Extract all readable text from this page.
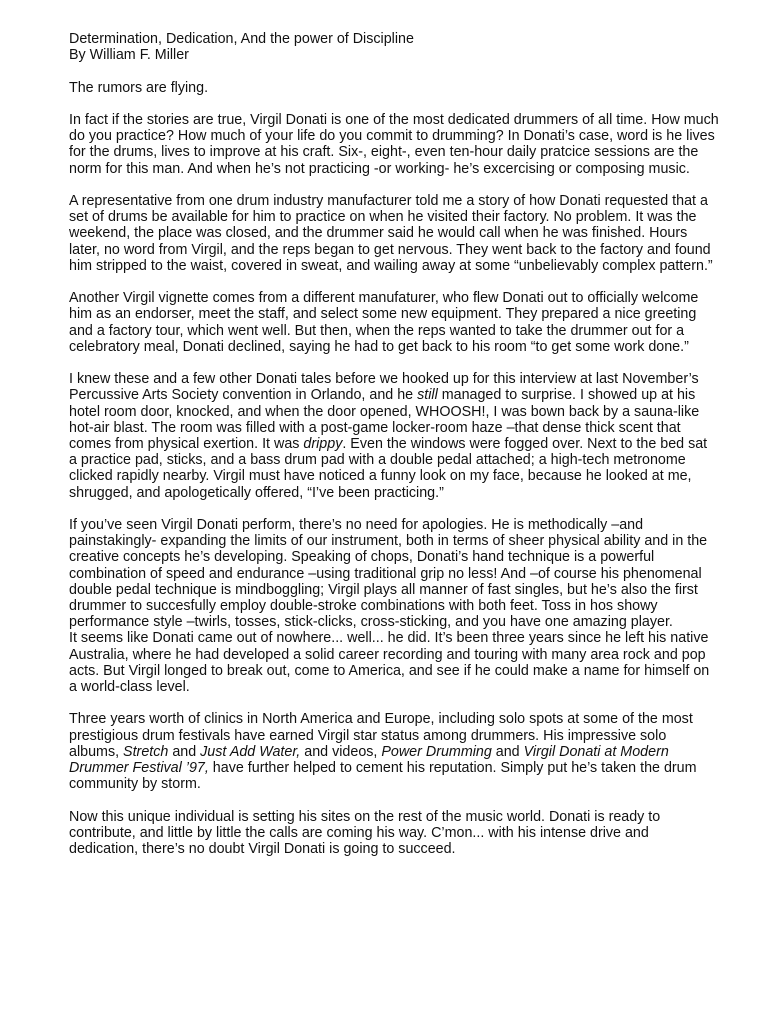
Determination, Dedication, And the power of Discipline
By William F. Miller

The rumors are flying.

In fact if the stories are true, Virgil Donati is one of the most dedicated drummers of all time. How much do you practice? How much of your life do you commit to drumming? In Donati’s case, word is he lives for the drums, lives to improve at his craft. Six-, eight-, even ten-hour daily pratcice sessions are the norm for this man. And when he’s not practicing -or working- he’s excercising or composing music.

A representative from one drum industry manufacturer told me a story of how Donati requested that a set of drums be available for him to practice on when he visited their factory. No problem. It was the weekend, the place was closed, and the drummer said he would call when he was finished. Hours later, no word from Virgil, and the reps began to get nervous. They went back to the factory and found him stripped to the waist, covered in sweat, and wailing away at some “unbelievably complex pattern.”

Another Virgil vignette comes from a different manufaturer, who flew Donati out to officially welcome him as an endorser, meet the staff, and select some new equipment. They prepared a nice greeting and a factory tour, which went well. But then, when the reps wanted to take the drummer out for a celebratory meal, Donati declined, saying he had to get back to his room “to get some work done.”

I knew these and a few other Donati tales before we hooked up for this interview at last November’s Percussive Arts Society convention in Orlando, and he still managed to surprise. I showed up at his hotel room door, knocked, and when the door opened, WHOOSH!, I was bown back by a sauna-like hot-air blast. The room was filled with a post-game locker-room haze –that dense thick scent that comes from physical exertion. It was drippy. Even the windows were fogged over. Next to the bed sat a practice pad, sticks, and a bass drum pad with a double pedal attached; a high-tech metronome clicked rapidly nearby. Virgil must have noticed a funny look on my face, because he looked at me, shrugged, and apologetically offered, “I’ve been practicing.”

If you’ve seen Virgil Donati perform, there’s no need for apologies. He is methodically –and painstakingly- expanding the limits of our instrument, both in terms of sheer physical ability and in the creative concepts he’s developing. Speaking of chops, Donati’s hand technique is a powerful combination of speed and endurance –using traditional grip no less! And –of course his phenomenal double pedal technique is mindboggling; Virgil plays all manner of fast singles, but he’s also the first drummer to succesfully employ double-stroke combinations with both feet. Toss in hos showy performance style –twirls, tosses, stick-clicks, cross-sticking, and you have one amazing player.

It seems like Donati came out of nowhere... well... he did. It’s been three years since he left his native Australia, where he had developed a solid career recording and touring with many area rock and pop acts. But Virgil longed to break out, come to America, and see if he could make a name for himself on a world-class level.

Three years worth of clinics in North America and Europe, including solo spots at some of the most prestigious drum festivals have earned Virgil star status among drummers. His impressive solo albums, Stretch and Just Add Water, and videos, Power Drumming and Virgil Donati at Modern Drummer Festival ’97, have further helped to cement his reputation. Simply put he’s taken the drum community by storm.

Now this unique individual is setting his sites on the rest of the music world. Donati is ready to contribute, and little by little the calls are coming his way. C’mon... with his intense drive and dedication, there’s no doubt Virgil Donati is going to succeed.
